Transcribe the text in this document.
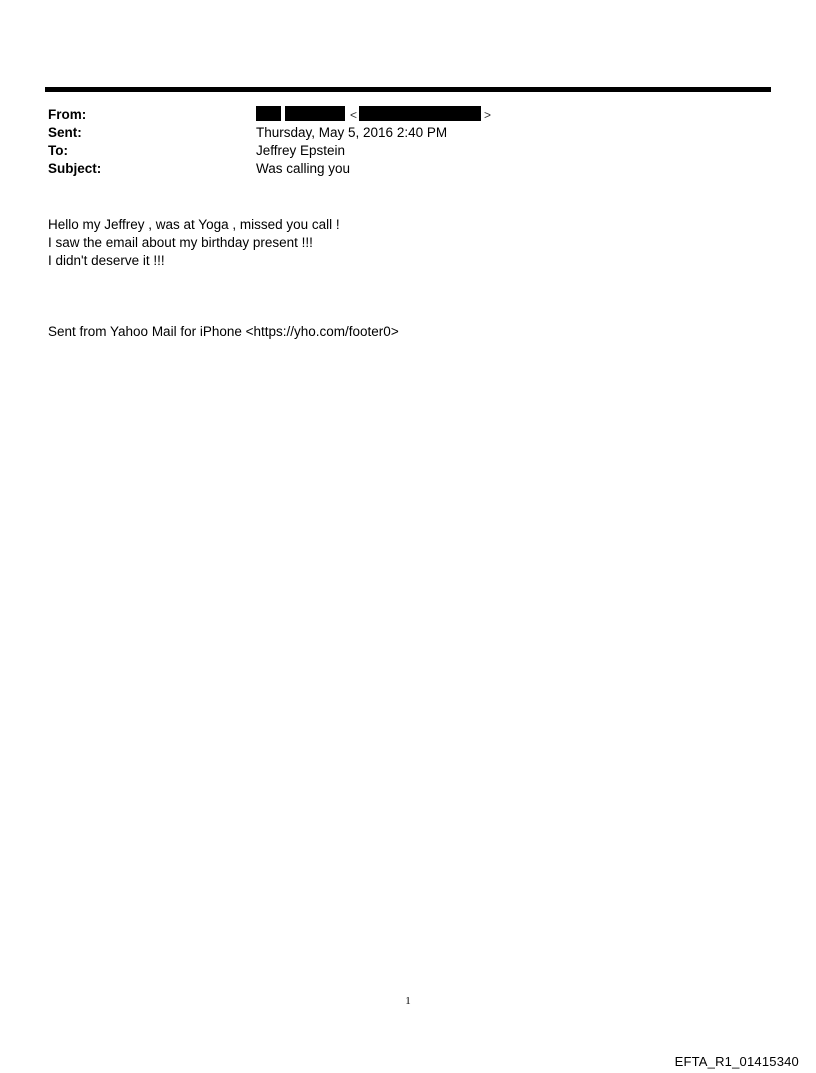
From:	<	>
Sent:	Thursday, May 5, 2016 2:40 PM
To:	Jeffrey Epstein
Subject:	Was calling you

Hello my Jeffrey , was at Yoga , missed you call !

I saw the email about my birthday present !!!

I didn't deserve it !!!

Sent from Yahoo Mail for iPhone <https://yho.com/footer0>
1
EFTA_R1_01415340
